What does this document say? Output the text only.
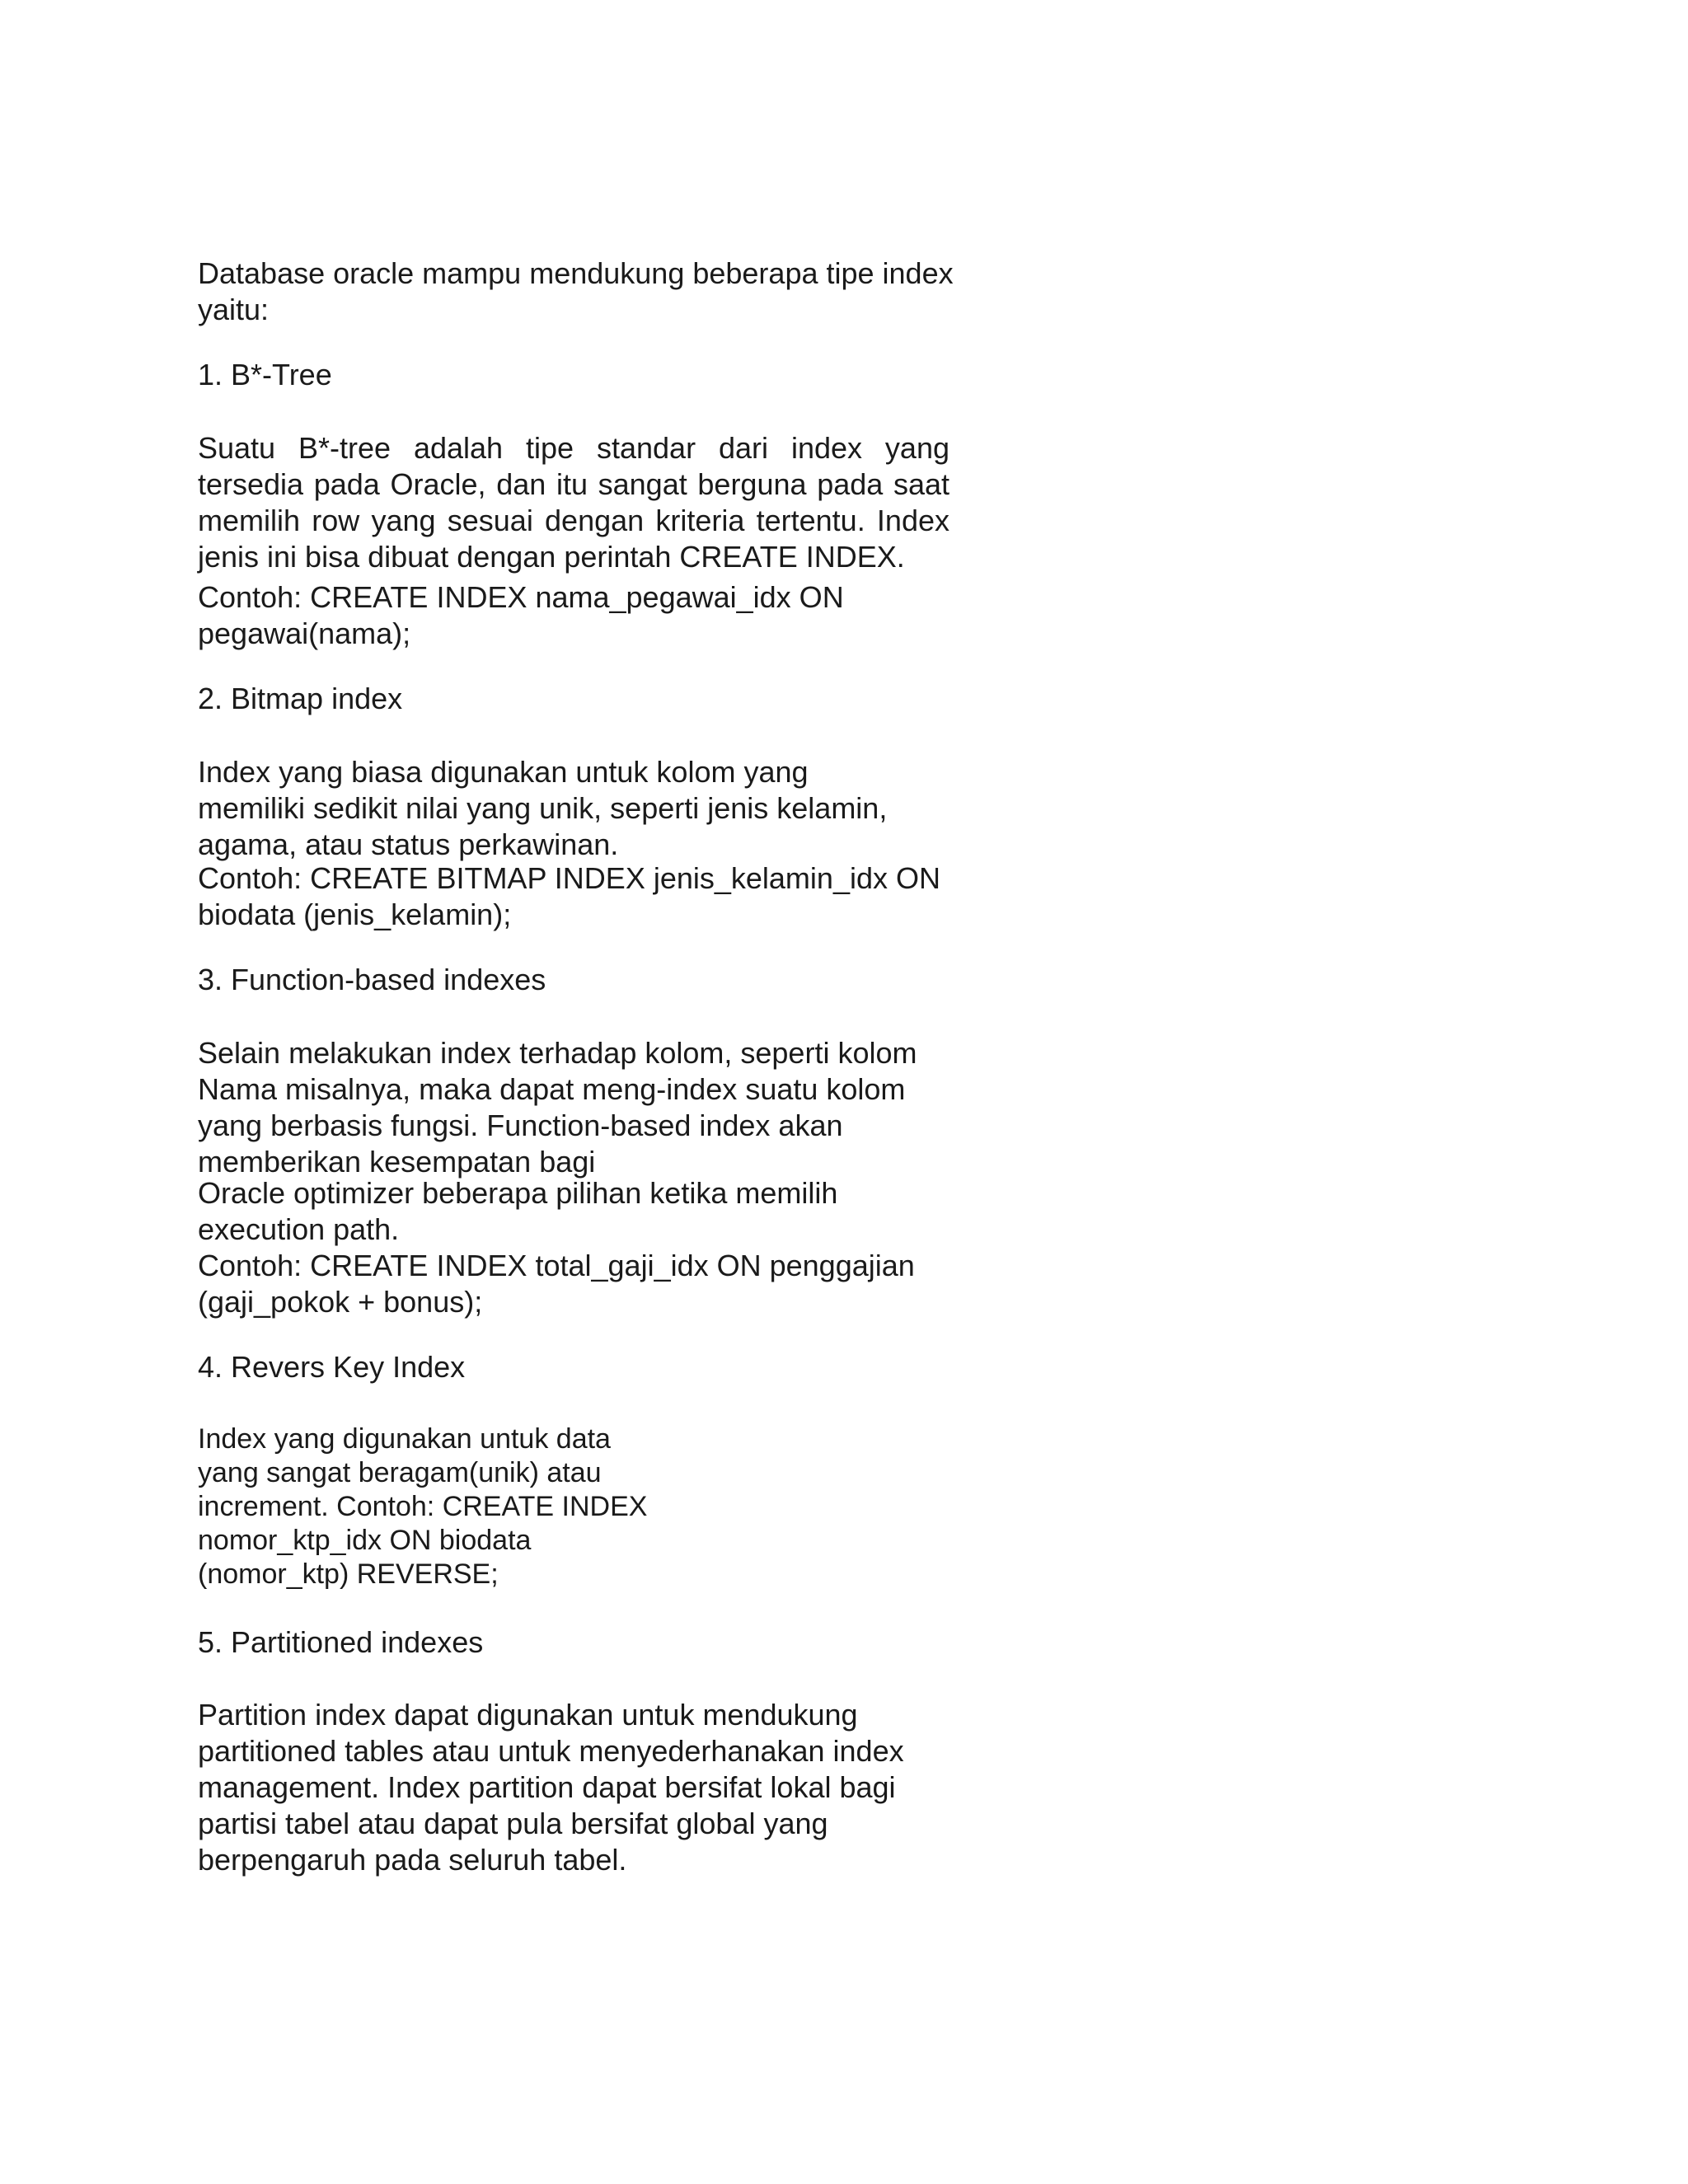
Database oracle mampu mendukung beberapa tipe index
yaitu:

1. B*-Tree

Suatu B*-tree adalah tipe standar dari index yang tersedia pada Oracle, dan itu sangat berguna pada saat memilih row yang sesuai dengan kriteria tertentu. Index jenis ini bisa dibuat dengan perintah CREATE INDEX.

Contoh: CREATE INDEX nama_pegawai_idx ON
pegawai(nama);

2. Bitmap index

Index yang biasa digunakan untuk kolom yang
memiliki sedikit nilai yang unik, seperti jenis kelamin,
agama, atau status perkawinan.

Contoh: CREATE BITMAP INDEX jenis_kelamin_idx ON
biodata (jenis_kelamin);

3. Function-based indexes

Selain melakukan index terhadap kolom, seperti kolom
Nama misalnya, maka dapat meng-index suatu kolom
yang berbasis fungsi. Function-based index akan
memberikan kesempatan bagi

Oracle optimizer beberapa pilihan ketika memilih
execution path.

Contoh: CREATE INDEX total_gaji_idx ON penggajian
(gaji_pokok + bonus);

4. Revers Key Index

Index yang digunakan untuk data
yang sangat beragam(unik) atau
increment. Contoh: CREATE INDEX
nomor_ktp_idx ON biodata
(nomor_ktp) REVERSE;

5. Partitioned indexes

Partition index dapat digunakan untuk mendukung
partitioned tables atau untuk menyederhanakan index
management. Index partition dapat bersifat lokal bagi
partisi tabel atau dapat pula bersifat global yang
berpengaruh pada seluruh tabel.
